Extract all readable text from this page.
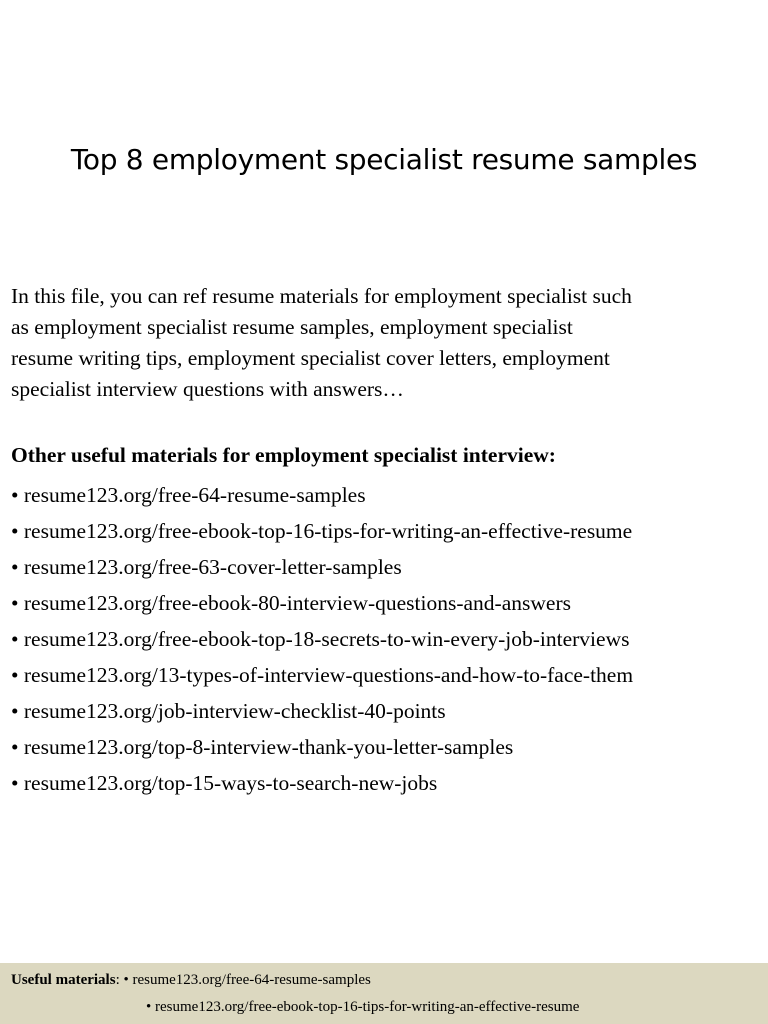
Top 8 employment specialist resume samples
In this file, you can ref resume materials for employment specialist such
as employment specialist resume samples, employment specialist
resume writing tips, employment specialist cover letters, employment
specialist interview questions with answers…
Other useful materials for employment specialist interview:
• resume123.org/free-64-resume-samples
• resume123.org/free-ebook-top-16-tips-for-writing-an-effective-resume
• resume123.org/free-63-cover-letter-samples
• resume123.org/free-ebook-80-interview-questions-and-answers
• resume123.org/free-ebook-top-18-secrets-to-win-every-job-interviews
• resume123.org/13-types-of-interview-questions-and-how-to-face-them
• resume123.org/job-interview-checklist-40-points
• resume123.org/top-8-interview-thank-you-letter-samples
• resume123.org/top-15-ways-to-search-new-jobs
Useful materials: • resume123.org/free-64-resume-samples
• resume123.org/free-ebook-top-16-tips-for-writing-an-effective-resume
